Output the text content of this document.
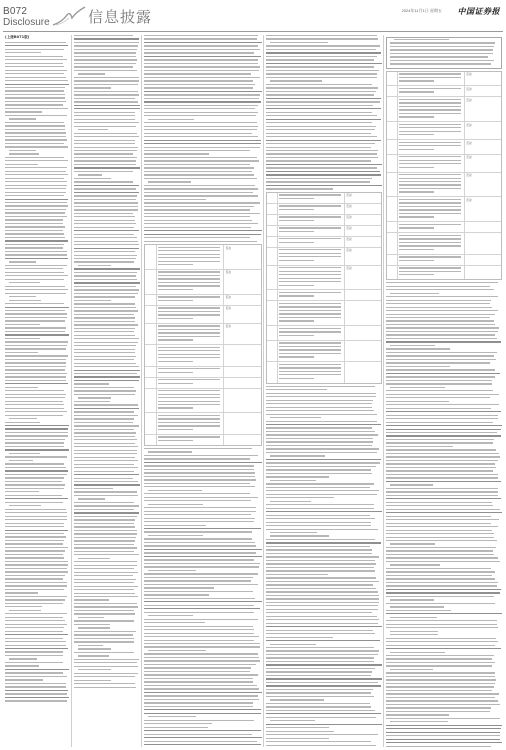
B072
Disclosure	信息披露	2024年11月1日 星期五 中国证券报
(上接B071版)
否决
否决
否决
否决
否决
否决
否决
否决
否决
否决
否决
否决
否决
否决
否决
否决
否决
否决
否决
否决
